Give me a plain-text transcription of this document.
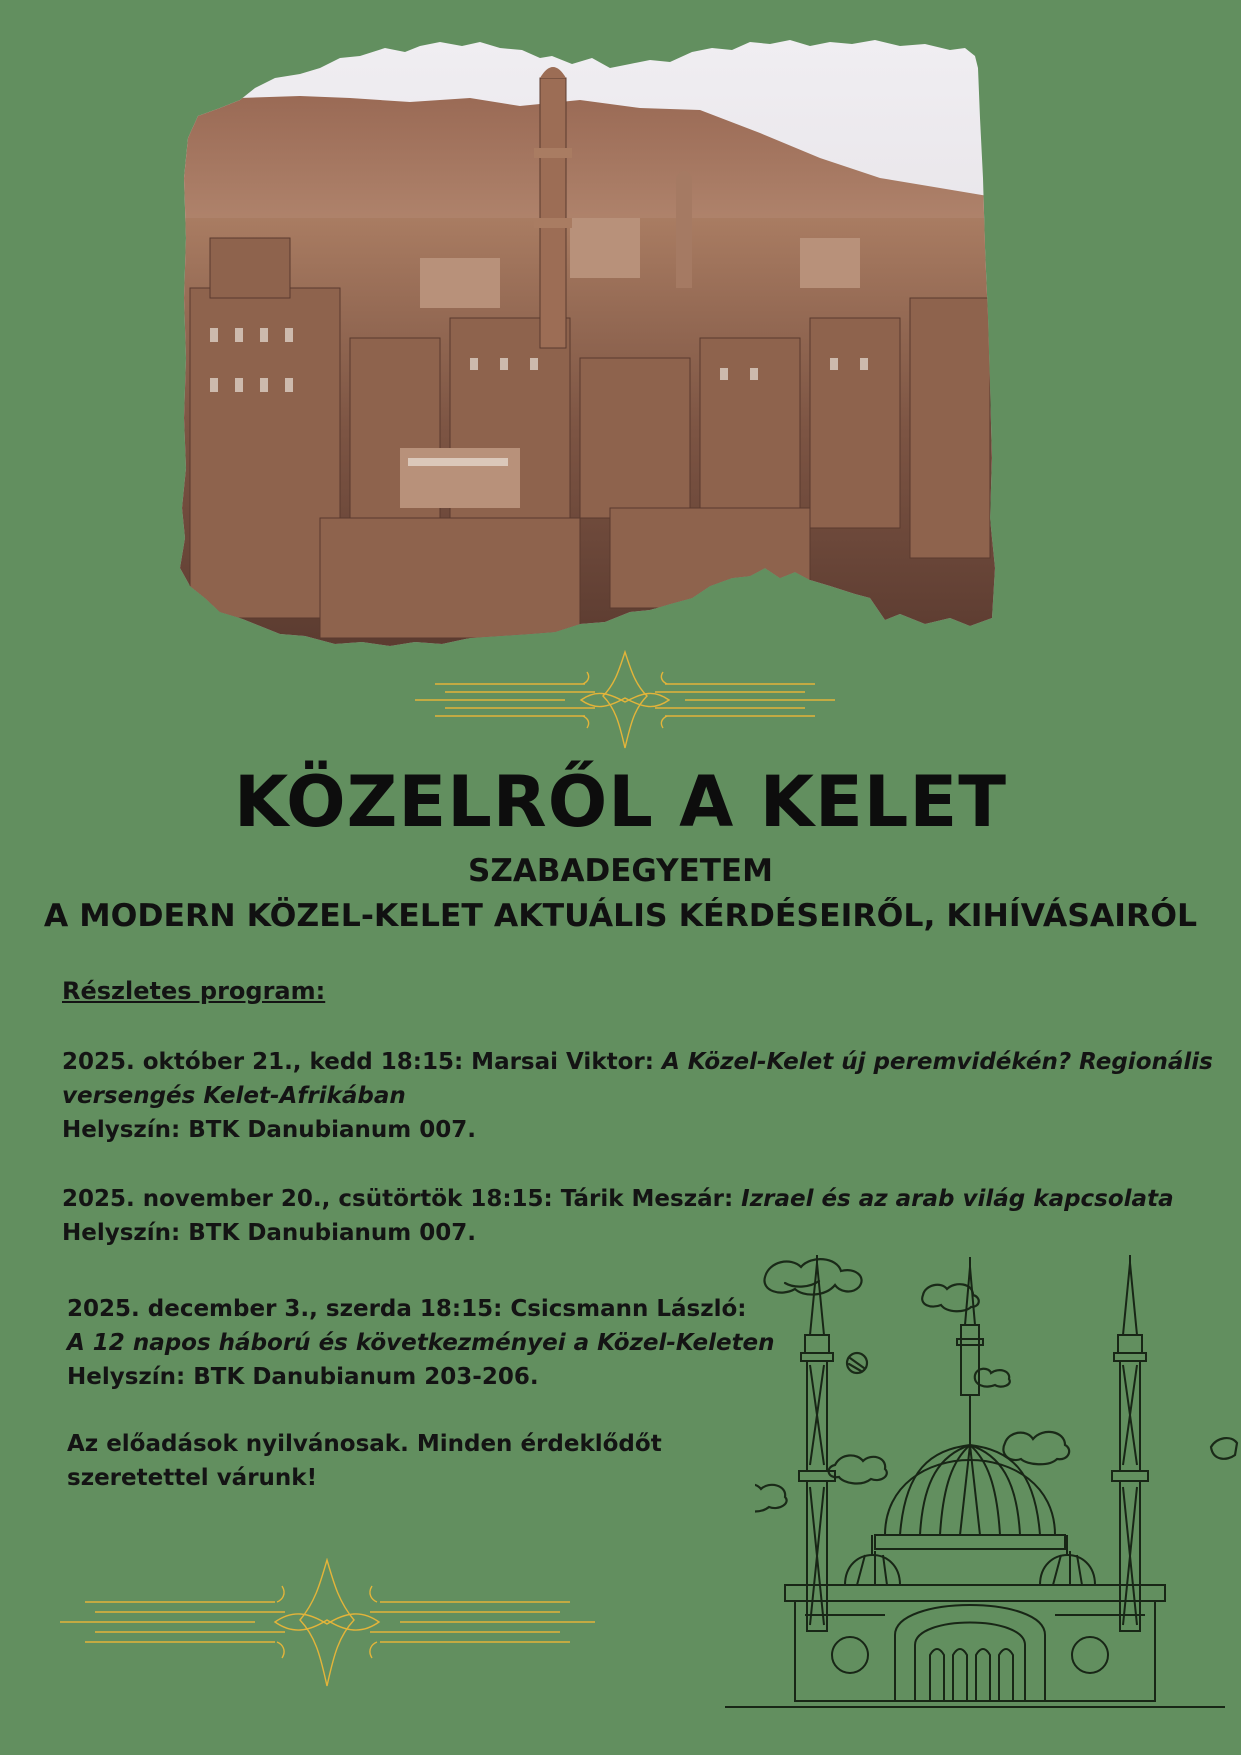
KÖZELRŐL A KELET
SZABADEGYETEM
A MODERN KÖZEL-KELET AKTUÁLIS KÉRDÉSEIRŐL, KIHÍVÁSAIRÓL
Részletes program:
2025. október 21., kedd 18:15: Marsai Viktor: A Közel-Kelet új peremvidékén? Regionális
versengés Kelet-Afrikában
Helyszín: BTK Danubianum 007.
2025. november 20., csütörtök 18:15: Tárik Meszár: Izrael és az arab világ kapcsolata
Helyszín: BTK Danubianum 007.
2025. december 3., szerda 18:15: Csicsmann László:
A 12 napos háború és következményei a Közel-Keleten
Helyszín: BTK Danubianum 203-206.
Az előadások nyilvánosak. Minden érdeklődőt
szeretettel várunk!
